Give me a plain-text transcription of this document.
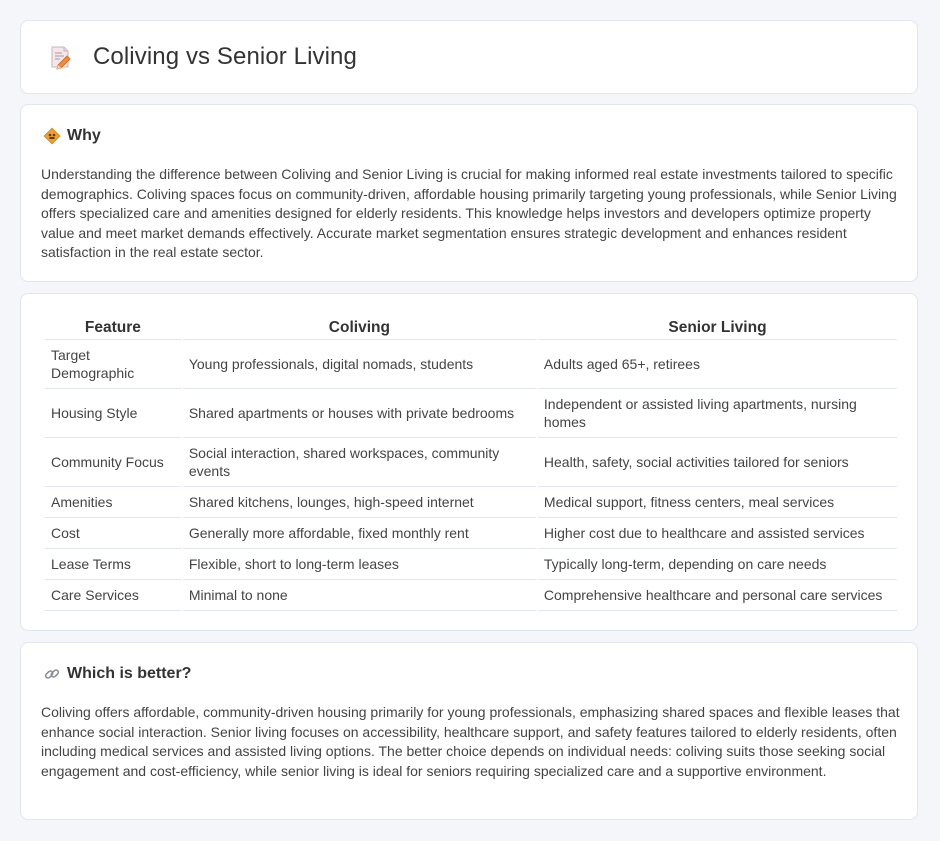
Coliving vs Senior Living
Why
Understanding the difference between Coliving and Senior Living is crucial for making informed real estate investments tailored to specific demographics. Coliving spaces focus on community-driven, affordable housing primarily targeting young professionals, while Senior Living offers specialized care and amenities designed for elderly residents. This knowledge helps investors and developers optimize property value and meet market demands effectively. Accurate market segmentation ensures strategic development and enhances resident satisfaction in the real estate sector.
Feature	Coliving	Senior Living
Target Demographic	Young professionals, digital nomads, students	Adults aged 65+, retirees
Housing Style	Shared apartments or houses with private bedrooms	Independent or assisted living apartments, nursing homes
Community Focus	Social interaction, shared workspaces, community events	Health, safety, social activities tailored for seniors
Amenities	Shared kitchens, lounges, high-speed internet	Medical support, fitness centers, meal services
Cost	Generally more affordable, fixed monthly rent	Higher cost due to healthcare and assisted services
Lease Terms	Flexible, short to long-term leases	Typically long-term, depending on care needs
Care Services	Minimal to none	Comprehensive healthcare and personal care services
Which is better?
Coliving offers affordable, community-driven housing primarily for young professionals, emphasizing shared spaces and flexible leases that enhance social interaction. Senior living focuses on accessibility, healthcare support, and safety features tailored to elderly residents, often including medical services and assisted living options. The better choice depends on individual needs: coliving suits those seeking social engagement and cost-efficiency, while senior living is ideal for seniors requiring specialized care and a supportive environment.
